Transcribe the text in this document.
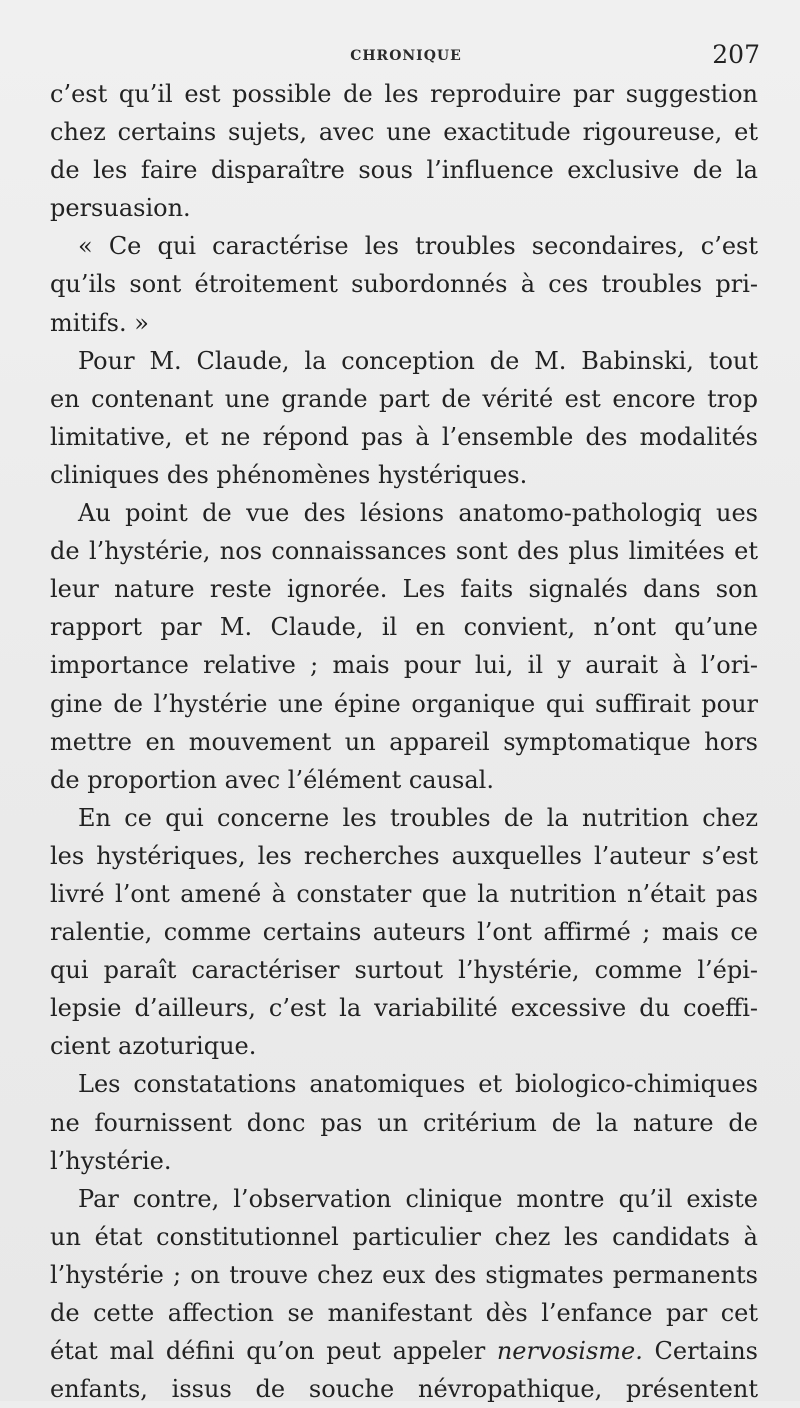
CHRONIQUE	207
c’est qu’il est possible de les reproduire par suggestion
chez certains sujets, avec une exactitude rigoureuse, et
de les faire disparaître sous l’influence exclusive de la
persuasion.
« Ce qui caractérise les troubles secondaires, c’est
qu’ils sont étroitement subordonnés à ces troubles pri-
mitifs. »
Pour M. Claude, la conception de M. Babinski, tout
en contenant une grande part de vérité est encore trop
limitative, et ne répond pas à l’ensemble des modalités
cliniques des phénomènes hystériques.
Au point de vue des lésions anatomo-pathologiq ues
de l’hystérie, nos connaissances sont des plus limitées et
leur nature reste ignorée. Les faits signalés dans son
rapport par M. Claude, il en convient, n’ont qu’une
importance relative ; mais pour lui, il y aurait à l’ori-
gine de l’hystérie une épine organique qui suffirait pour
mettre en mouvement un appareil symptomatique hors
de proportion avec l’élément causal.
En ce qui concerne les troubles de la nutrition chez
les hystériques, les recherches auxquelles l’auteur s’est
livré l’ont amené à constater que la nutrition n’était pas
ralentie, comme certains auteurs l’ont affirmé ; mais ce
qui paraît caractériser surtout l’hystérie, comme l’épi-
lepsie d’ailleurs, c’est la variabilité excessive du coeffi-
cient azoturique.
Les constatations anatomiques et biologico-chimiques
ne fournissent donc pas un critérium de la nature de
l’hystérie.
Par contre, l’observation clinique montre qu’il existe
un état constitutionnel particulier chez les candidats à
l’hystérie ; on trouve chez eux des stigmates permanents
de cette affection se manifestant dès l’enfance par cet
état mal défini qu’on peut appeler nervosisme. Certains
enfants, issus de souche névropathique, présentent
